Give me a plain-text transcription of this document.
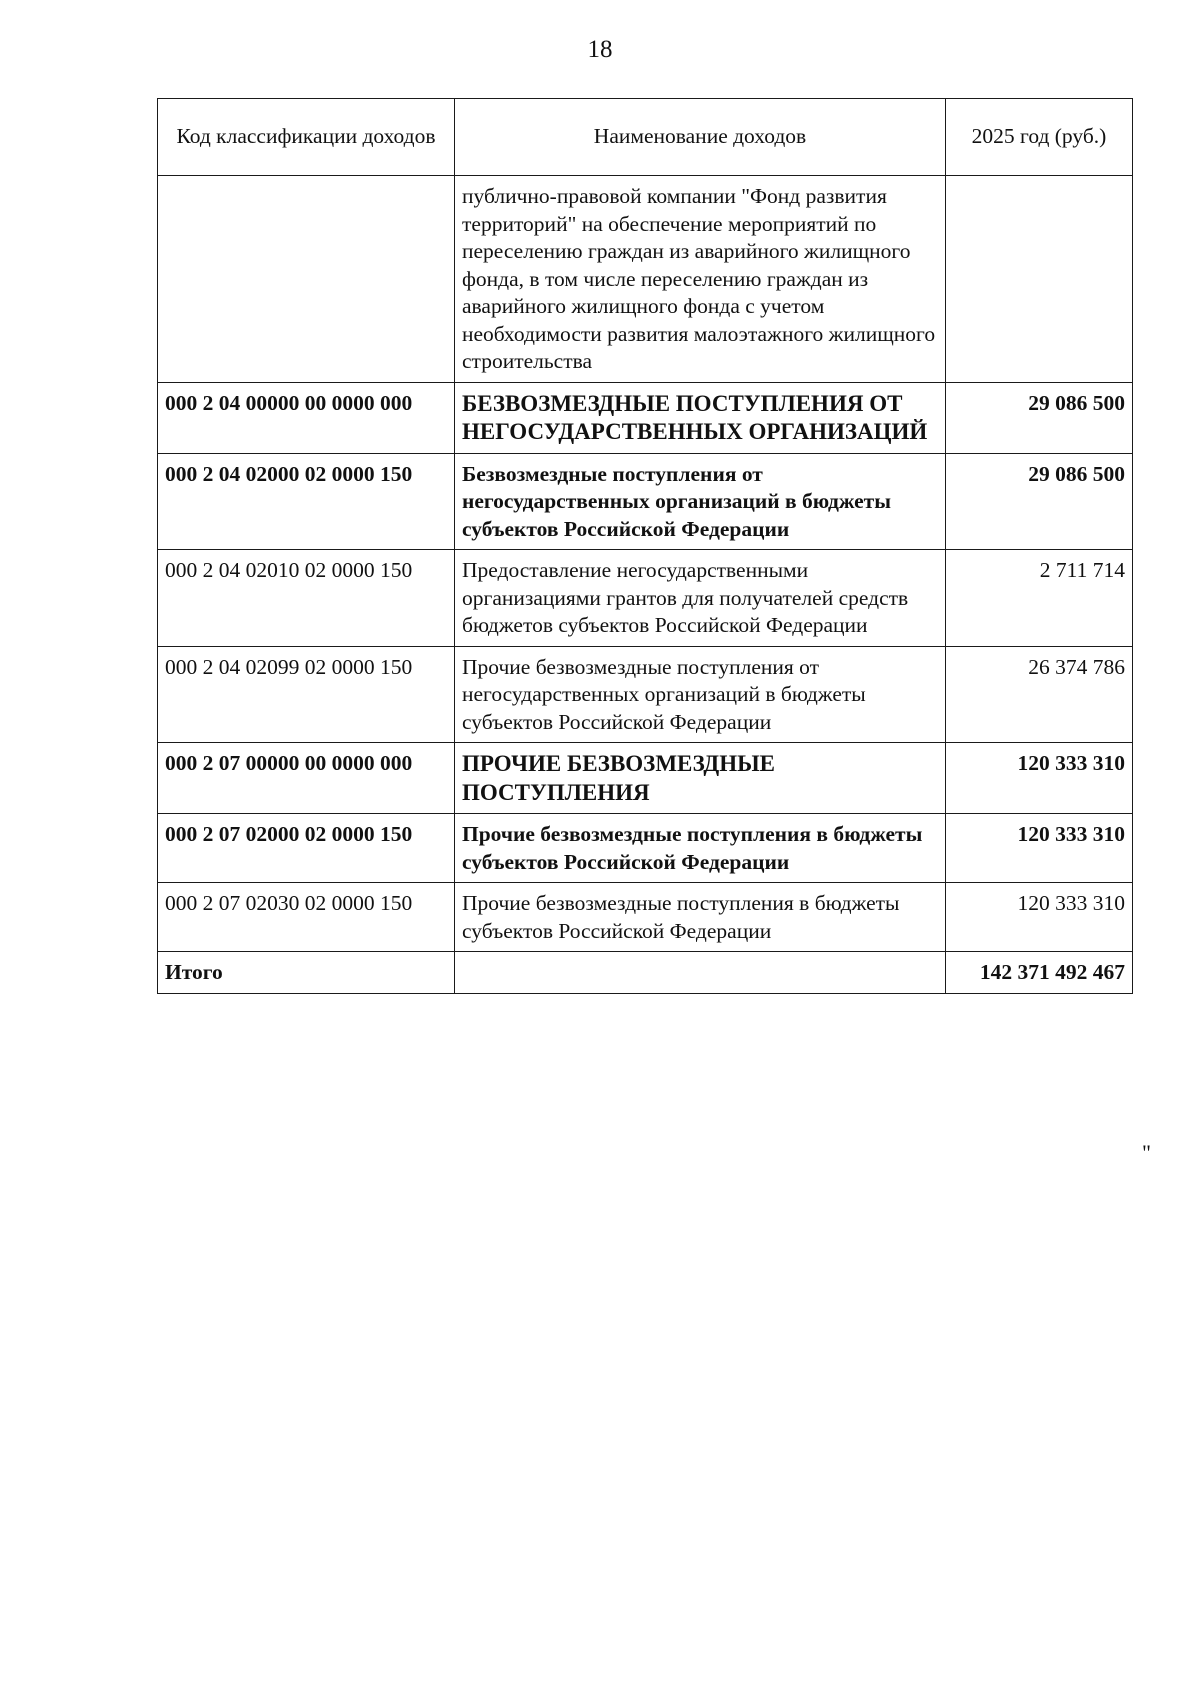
18
Код классификации доходов	Наименование доходов	2025 год (руб.)
	публично-правовой компании "Фонд развития территорий" на обеспечение мероприятий по переселению граждан из аварийного жилищного фонда, в том числе переселению граждан из аварийного жилищного фонда с учетом необходимости развития малоэтажного жилищного строительства	
000 2 04 00000 00 0000 000	БЕЗВОЗМЕЗДНЫЕ ПОСТУПЛЕНИЯ ОТ НЕГОСУДАРСТВЕННЫХ ОРГАНИЗАЦИЙ	29 086 500
000 2 04 02000 02 0000 150	Безвозмездные поступления от негосударственных организаций в бюджеты субъектов Российской Федерации	29 086 500
000 2 04 02010 02 0000 150	Предоставление негосударственными организациями грантов для получателей средств бюджетов субъектов Российской Федерации	2 711 714
000 2 04 02099 02 0000 150	Прочие безвозмездные поступления от негосударственных организаций в бюджеты субъектов Российской Федерации	26 374 786
000 2 07 00000 00 0000 000	ПРОЧИЕ БЕЗВОЗМЕЗДНЫЕ ПОСТУПЛЕНИЯ	120 333 310
000 2 07 02000 02 0000 150	Прочие безвозмездные поступления в бюджеты субъектов Российской Федерации	120 333 310
000 2 07 02030 02 0000 150	Прочие безвозмездные поступления в бюджеты субъектов Российской Федерации	120 333 310
Итого		142 371 492 467
"
